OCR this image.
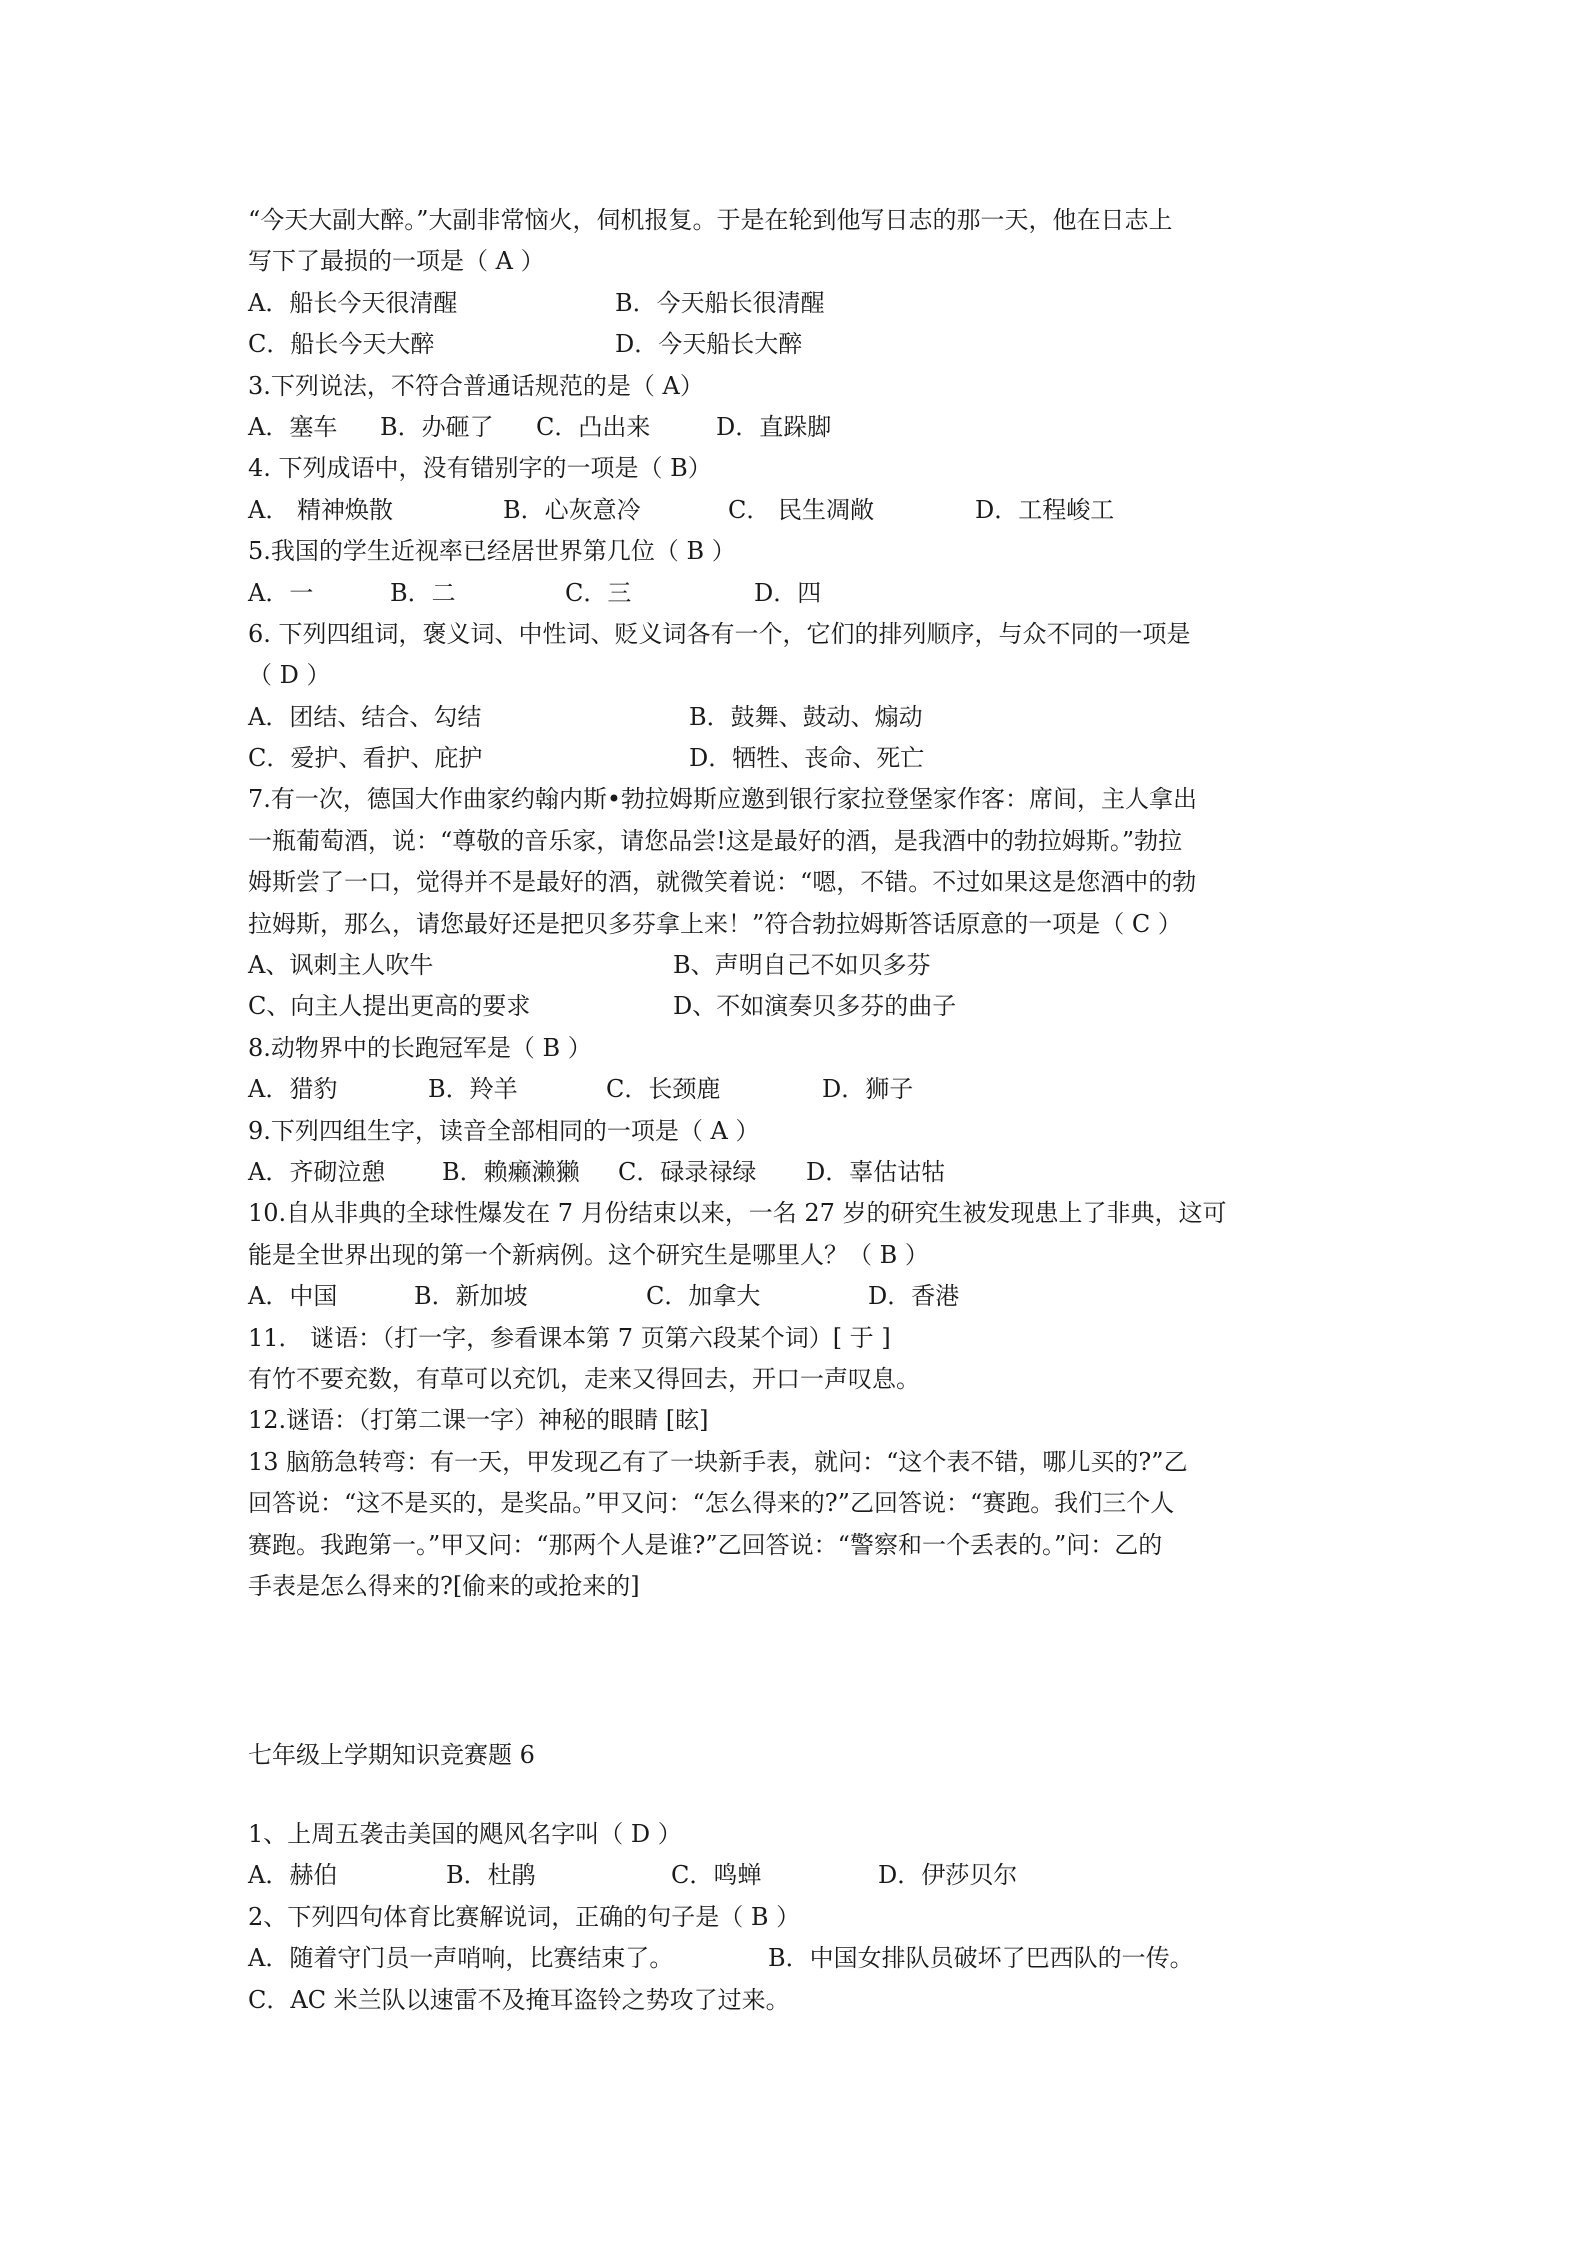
“今天大副大醉。”大副非常恼火，伺机报复。于是在轮到他写日志的那一天，他在日志上
写下了最损的一项是（ A ）
A．船长今天很清醒	B．今天船长很清醒
C．船长今天大醉	D．今天船长大醉
3.下列说法，不符合普通话规范的是（ A）
A．塞车 B．办砸了 C．凸出来	D．直跺脚
4. 下列成语中，没有错别字的一项是（ B）
A． 精神焕散	B．心灰意冷	C． 民生凋敞	D．工程峻工
5.我国的学生近视率已经居世界第几位（ B ）
A．一	B．二	C．三	D．四
6. 下列四组词，褒义词、中性词、贬义词各有一个，它们的排列顺序，与众不同的一项是
（ D ）
A．团结、结合、勾结	B．鼓舞、鼓动、煽动
C．爱护、看护、庇护	D．牺牲、丧命、死亡
7.有一次，德国大作曲家约翰内斯•勃拉姆斯应邀到银行家拉登堡家作客：席间，主人拿出
一瓶葡萄酒，说：“尊敬的音乐家，请您品尝!这是最好的酒，是我酒中的勃拉姆斯。”勃拉
姆斯尝了一口，觉得并不是最好的酒，就微笑着说：“嗯，不错。不过如果这是您酒中的勃
拉姆斯，那么，请您最好还是把贝多芬拿上来！”符合勃拉姆斯答话原意的一项是（ C ）
A、讽刺主人吹牛	B、声明自己不如贝多芬
C、向主人提出更高的要求	D、不如演奏贝多芬的曲子
8.动物界中的长跑冠军是（ B ）
A．猎豹	B．羚羊	C．长颈鹿	D．狮子
9.下列四组生字，读音全部相同的一项是（ A ）
A．齐砌泣憩 B．赖癞濑獭 C．碌录禄绿 D．辜估诂牯
10.自从非典的全球性爆发在 7 月份结束以来，一名 27 岁的研究生被发现患上了非典，这可
能是全世界出现的第一个新病例。这个研究生是哪里人？（ B ）
A．中国	B．新加坡	C．加拿大	D．香港
11． 谜语：（打一字，参看课本第 7 页第六段某个词）[ 于 ]
有竹不要充数，有草可以充饥，走来又得回去，开口一声叹息。
12.谜语：（打第二课一字）神秘的眼睛 [眩]
13 脑筋急转弯：有一天，甲发现乙有了一块新手表，就问：“这个表不错，哪儿买的?”乙
回答说：“这不是买的，是奖品。”甲又问：“怎么得来的?”乙回答说：“赛跑。我们三个人
赛跑。我跑第一。”甲又问：“那两个人是谁?”乙回答说：“警察和一个丢表的。”问：乙的
手表是怎么得来的?[偷来的或抢来的]
七年级上学期知识竞赛题 6
1、上周五袭击美国的飓风名字叫（ D ）
A．赫伯	B．杜鹃	C．鸣蝉	D．伊莎贝尔
2、下列四句体育比赛解说词，正确的句子是（ B ）
A．随着守门员一声哨响，比赛结束了。	B．中国女排队员破坏了巴西队的一传。
C．AC 米兰队以速雷不及掩耳盗铃之势攻了过来。
